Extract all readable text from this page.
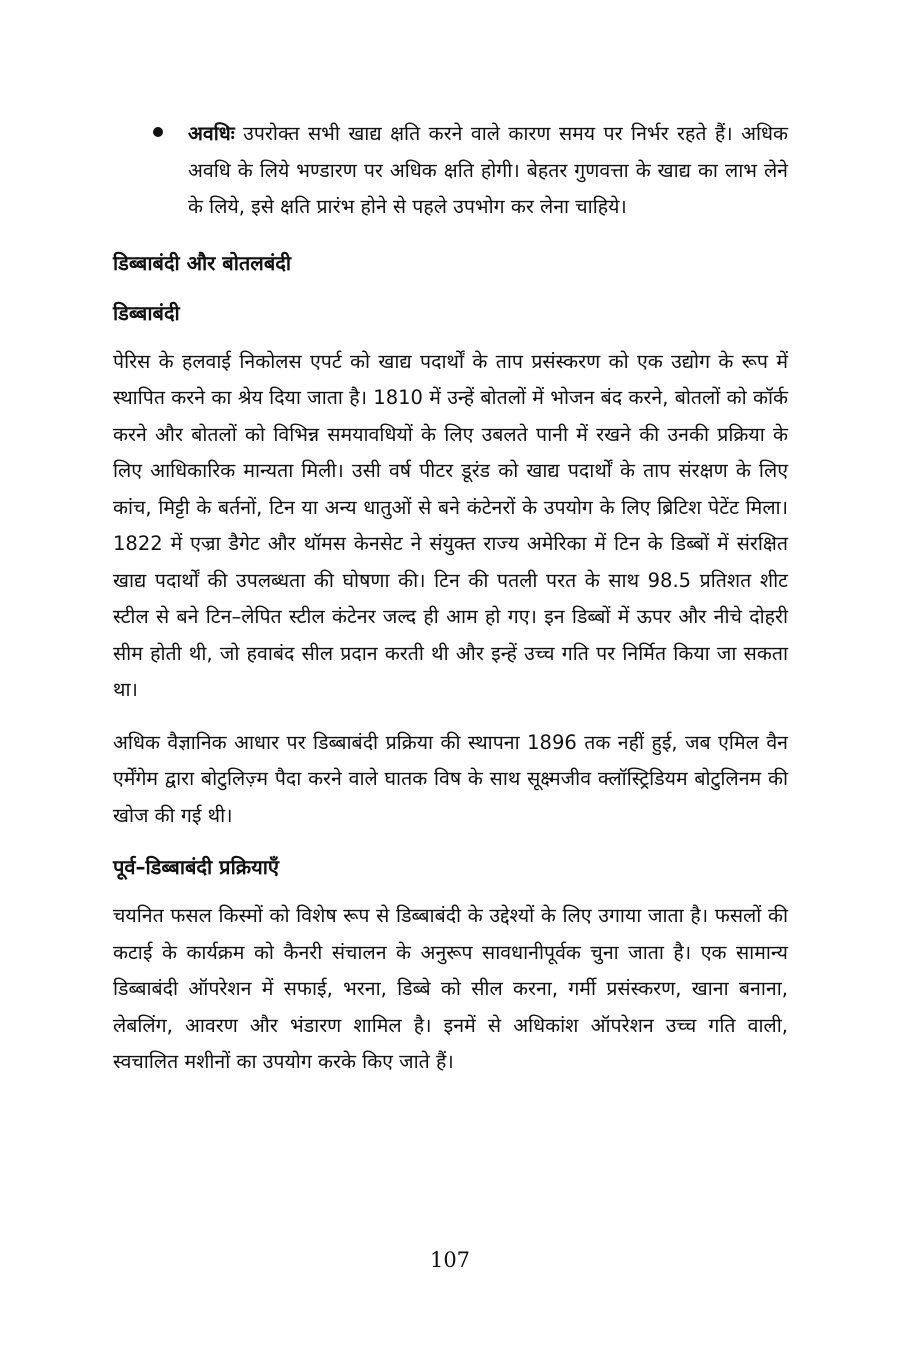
अवधिः उपरोक्त सभी खाद्य क्षति करने वाले कारण समय पर निर्भर रहते हैं। अधिक अवधि के लिये भण्डारण पर अधिक क्षति होगी। बेहतर गुणवत्ता के खाद्य का लाभ लेने के लिये, इसे क्षति प्रारंभ होने से पहले उपभोग कर लेना चाहिये।

डिब्बाबंदी और बोतलबंदी
डिब्बाबंदी

पेरिस के हलवाई निकोलस एपर्ट को खाद्य पदार्थों के ताप प्रसंस्करण को एक उद्योग के रूप में स्थापित करने का श्रेय दिया जाता है। 1810 में उन्हें बोतलों में भोजन बंद करने, बोतलों को कॉर्क करने और बोतलों को विभिन्न समयावधियों के लिए उबलते पानी में रखने की उनकी प्रक्रिया के लिए आधिकारिक मान्यता मिली। उसी वर्ष पीटर डूरंड को खाद्य पदार्थों के ताप संरक्षण के लिए कांच, मिट्टी के बर्तनों, टिन या अन्य धातुओं से बने कंटेनरों के उपयोग के लिए ब्रिटिश पेटेंट मिला। 1822 में एज्रा डैगेट और थॉमस केनसेट ने संयुक्त राज्य अमेरिका में टिन के डिब्बों में संरक्षित खाद्य पदार्थों की उपलब्धता की घोषणा की। टिन की पतली परत के साथ 98.5 प्रतिशत शीट स्टील से बने टिन–लेपित स्टील कंटेनर जल्द ही आम हो गए। इन डिब्बों में ऊपर और नीचे दोहरी सीम होती थी, जो हवाबंद सील प्रदान करती थी और इन्हें उच्च गति पर निर्मित किया जा सकता था।

अधिक वैज्ञानिक आधार पर डिब्बाबंदी प्रक्रिया की स्थापना 1896 तक नहीं हुई, जब एमिल वैन एर्मेंगेम द्वारा बोटुलिज़्म पैदा करने वाले घातक विष के साथ सूक्ष्मजीव क्लॉस्ट्रिडियम बोटुलिनम की खोज की गई थी।

पूर्व–डिब्बाबंदी प्रक्रियाएँ

चयनित फसल किस्मों को विशेष रूप से डिब्बाबंदी के उद्देश्यों के लिए उगाया जाता है। फसलों की कटाई के कार्यक्रम को कैनरी संचालन के अनुरूप सावधानीपूर्वक चुना जाता है। एक सामान्य डिब्बाबंदी ऑपरेशन में सफाई, भरना, डिब्बे को सील करना, गर्मी प्रसंस्करण, खाना बनाना, लेबलिंग, आवरण और भंडारण शामिल है। इनमें से अधिकांश ऑपरेशन उच्च गति वाली, स्वचालित मशीनों का उपयोग करके किए जाते हैं।

107
